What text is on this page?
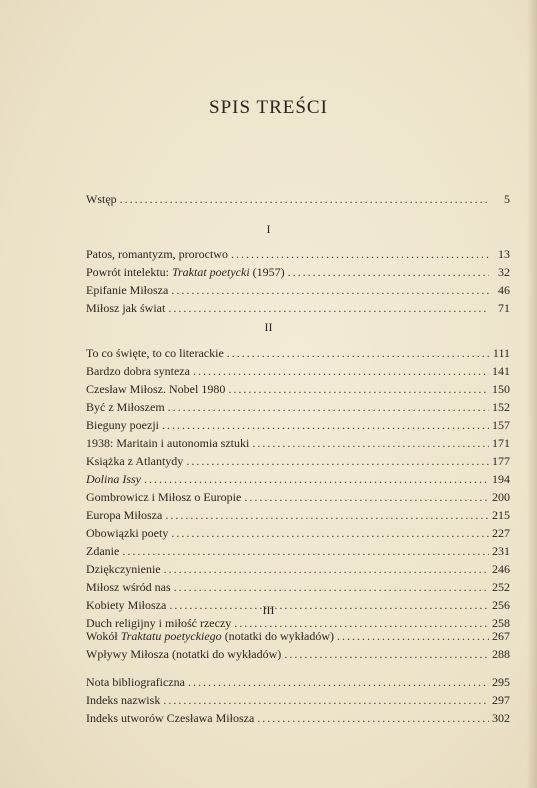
SPIS TREŚCI
Wstęp . . .	5
I
Patos, romantyzm, proroctwo . . .	13
Powrót intelektu: Traktat poetycki (1957) . . .	32
Epifanie Miłosza . . .	46
Miłosz jak świat . . .	71
II
To co święte, to co literackie . . .	111
Bardzo dobra synteza . . .	141
Czesław Miłosz. Nobel 1980 . . .	150
Być z Miłoszem . . .	152
Bieguny poezji . . .	157
1938: Maritain i autonomia sztuki . . .	171
Książka z Atlantydy . . .	177
Dolina Issy . . .	194
Gombrowicz i Miłosz o Europie . . .	200
Europa Miłosza . . .	215
Obowiązki poety . . .	227
Zdanie . . .	231
Dziękczynienie . . .	246
Miłosz wśród nas . . .	252
Kobiety Miłosza . . .	256
Duch religijny i miłość rzeczy . . .	258
III
Wokół Traktatu poetyckiego (notatki do wykładów) . . .	267
Wpływy Miłosza (notatki do wykładów) . . .	288
Nota bibliograficzna . . .	295
Indeks nazwisk . . .	297
Indeks utworów Czesława Miłosza . . .	302
